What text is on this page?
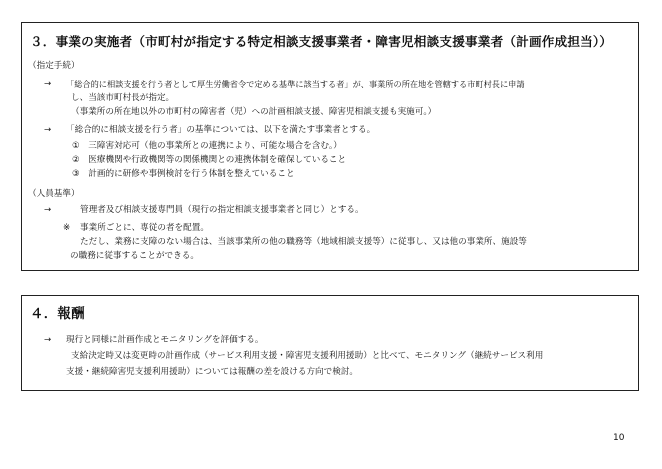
３．事業の実施者（市町村が指定する特定相談支援事業者・障害児相談支援事業者（計画作成担当））
（指定手続）
→ 「総合的に相談支援を行う者として厚生労働省令で定める基準に該当する者」が、事業所の所在地を管轄する市町村長に申請
し、当該市町村長が指定。
（事業所の所在地以外の市町村の障害者（児）への計画相談支援、障害児相談支援も実施可。）
→ 「総合的に相談支援を行う者」の基準については、以下を満たす事業者とする。
①　三障害対応可（他の事業所との連携により、可能な場合を含む。）
②　医療機関や行政機関等の関係機関との連携体制を確保していること
③　計画的に研修や事例検討を行う体制を整えていること
（人員基準）
→	管理者及び相談支援専門員（現行の指定相談支援事業者と同じ）とする。
※ 事業所ごとに、専従の者を配置。
ただし、業務に支障のない場合は、当該事業所の他の職務等（地域相談支援等）に従事し、又は他の事業所、施設等
の職務に従事することができる。
４．報酬
→ 現行と同様に計画作成とモニタリングを評価する。
支給決定時又は変更時の計画作成（サービス利用支援・障害児支援利用援助）と比べて、モニタリング（継続サービス利用
支援・継続障害児支援利用援助）については報酬の差を設ける方向で検討。
10
